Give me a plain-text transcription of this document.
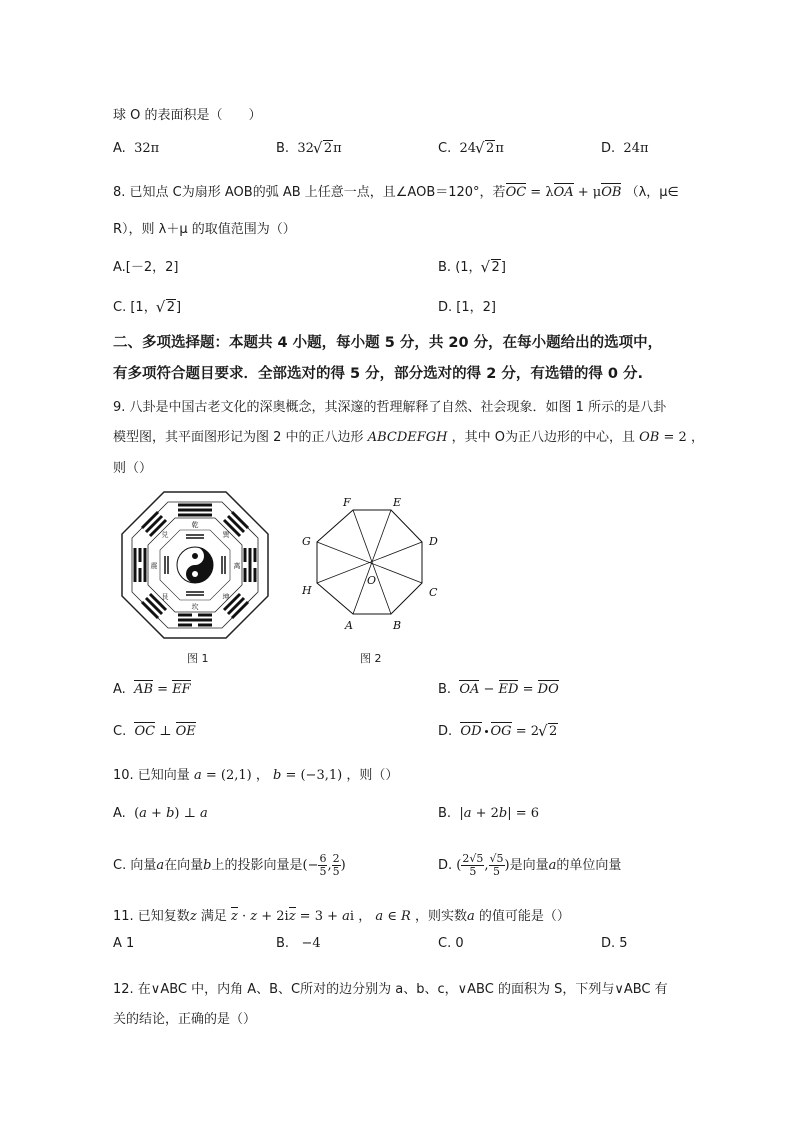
球 O 的表面积是（　　）
A. 32π	B. 32 √ 2π	C. 24 √ 2π	D. 24π
8. 已知点 C为扇形 AOB的弧 AB 上任意一点，且∠AOB＝120°，若OC = λOA + μOB （λ，μ∈
R），则 λ＋μ 的取值范围为（）
A.[－2，2]	B. (1， √ 2]
C. [1， √ 2]	D. [1，2]
二、多项选择题：本题共 4 小题，每小题 5 分，共 20 分，在每小题给出的选项中，
有多项符合题目要求．全部选对的得 5 分，部分选对的得 2 分，有选错的得 0 分.
9. 八卦是中国古老文化的深奥概念，其深邃的哲理解释了自然、社会现象．如图 1 所示的是八卦
模型图，其平面图形记为图 2 中的正八边形 ABCDEFGH ，其中 O为正八边形的中心，且 OB = 2 ，
则（）
乾
坎
震	离
兑	巽
艮	坤
图 1
A	B
C
D
E
F
G
H
O
图 2
A. AB = EF	B. OA − ED = DO
C. OC ⊥ OE	D. OD OG = 2 √ 2
10. 已知向量 a = (2,1) ， b = (−3,1) ，则（）
A. (a + b) ⊥ a	B. |a + 2b| = 6
C. 向量a在向量b上的投影向量是(− $\frac{6}{5}$ , $\frac{2}{5}$ )	D. ( $\frac{2√5}{5}$ , $\frac{√5}{5}$ )是向量a的单位向量
11. 已知复数z 满足 z · z + 2iz = 3 + ai ， a ∈ R ，则实数a 的值可能是（）
A 1	B. −4	C. 0	D. 5
12. 在∨ABC 中，内角 A、B、C所对的边分别为 a、b、c，∨ABC 的面积为 S，下列与∨ABC 有
关的结论，正确的是（）
